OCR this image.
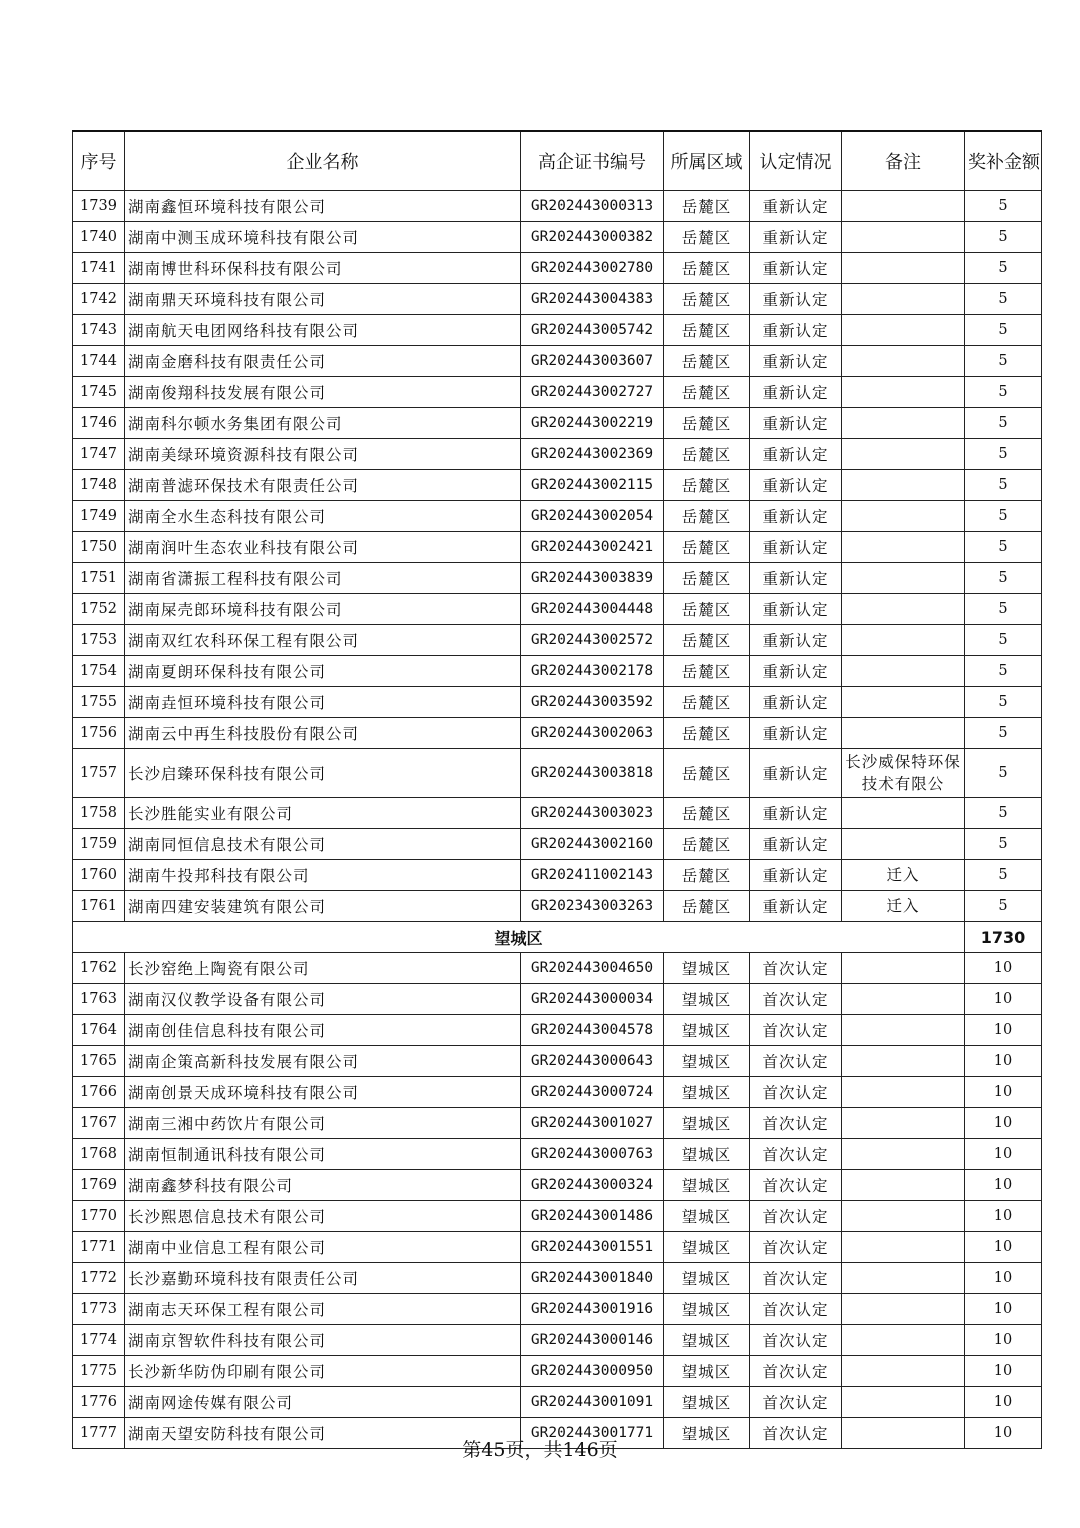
序号	企业名称	高企证书编号	所属区域	认定情况	备注	奖补金额
1739	湖南鑫恒环境科技有限公司	GR202443000313	岳麓区	重新认定		5
1740	湖南中测玉成环境科技有限公司	GR202443000382	岳麓区	重新认定		5
1741	湖南博世科环保科技有限公司	GR202443002780	岳麓区	重新认定		5
1742	湖南鼎天环境科技有限公司	GR202443004383	岳麓区	重新认定		5
1743	湖南航天电团网络科技有限公司	GR202443005742	岳麓区	重新认定		5
1744	湖南金磨科技有限责任公司	GR202443003607	岳麓区	重新认定		5
1745	湖南俊翔科技发展有限公司	GR202443002727	岳麓区	重新认定		5
1746	湖南科尔顿水务集团有限公司	GR202443002219	岳麓区	重新认定		5
1747	湖南美绿环境资源科技有限公司	GR202443002369	岳麓区	重新认定		5
1748	湖南普滤环保技术有限责任公司	GR202443002115	岳麓区	重新认定		5
1749	湖南全水生态科技有限公司	GR202443002054	岳麓区	重新认定		5
1750	湖南润叶生态农业科技有限公司	GR202443002421	岳麓区	重新认定		5
1751	湖南省潇振工程科技有限公司	GR202443003839	岳麓区	重新认定		5
1752	湖南屎壳郎环境科技有限公司	GR202443004448	岳麓区	重新认定		5
1753	湖南双红农科环保工程有限公司	GR202443002572	岳麓区	重新认定		5
1754	湖南夏朗环保科技有限公司	GR202443002178	岳麓区	重新认定		5
1755	湖南垚恒环境科技有限公司	GR202443003592	岳麓区	重新认定		5
1756	湖南云中再生科技股份有限公司	GR202443002063	岳麓区	重新认定		5
1757	长沙启臻环保科技有限公司	GR202443003818	岳麓区	重新认定	长沙威保特环保技术有限公	5
1758	长沙胜能实业有限公司	GR202443003023	岳麓区	重新认定		5
1759	湖南同恒信息技术有限公司	GR202443002160	岳麓区	重新认定		5
1760	湖南牛投邦科技有限公司	GR202411002143	岳麓区	重新认定	迁入	5
1761	湖南四建安装建筑有限公司	GR202343003263	岳麓区	重新认定	迁入	5
望城区						1730
1762	长沙窑绝上陶瓷有限公司	GR202443004650	望城区	首次认定		10
1763	湖南汉仪教学设备有限公司	GR202443000034	望城区	首次认定		10
1764	湖南创佳信息科技有限公司	GR202443004578	望城区	首次认定		10
1765	湖南企策高新科技发展有限公司	GR202443000643	望城区	首次认定		10
1766	湖南创景天成环境科技有限公司	GR202443000724	望城区	首次认定		10
1767	湖南三湘中药饮片有限公司	GR202443001027	望城区	首次认定		10
1768	湖南恒制通讯科技有限公司	GR202443000763	望城区	首次认定		10
1769	湖南鑫梦科技有限公司	GR202443000324	望城区	首次认定		10
1770	长沙熙恩信息技术有限公司	GR202443001486	望城区	首次认定		10
1771	湖南中业信息工程有限公司	GR202443001551	望城区	首次认定		10
1772	长沙嘉勤环境科技有限责任公司	GR202443001840	望城区	首次认定		10
1773	湖南志天环保工程有限公司	GR202443001916	望城区	首次认定		10
1774	湖南京智软件科技有限公司	GR202443000146	望城区	首次认定		10
1775	长沙新华防伪印刷有限公司	GR202443000950	望城区	首次认定		10
1776	湖南网途传媒有限公司	GR202443001091	望城区	首次认定		10
1777	湖南天望安防科技有限公司	GR202443001771	望城区	首次认定		10
第45页，共146页
